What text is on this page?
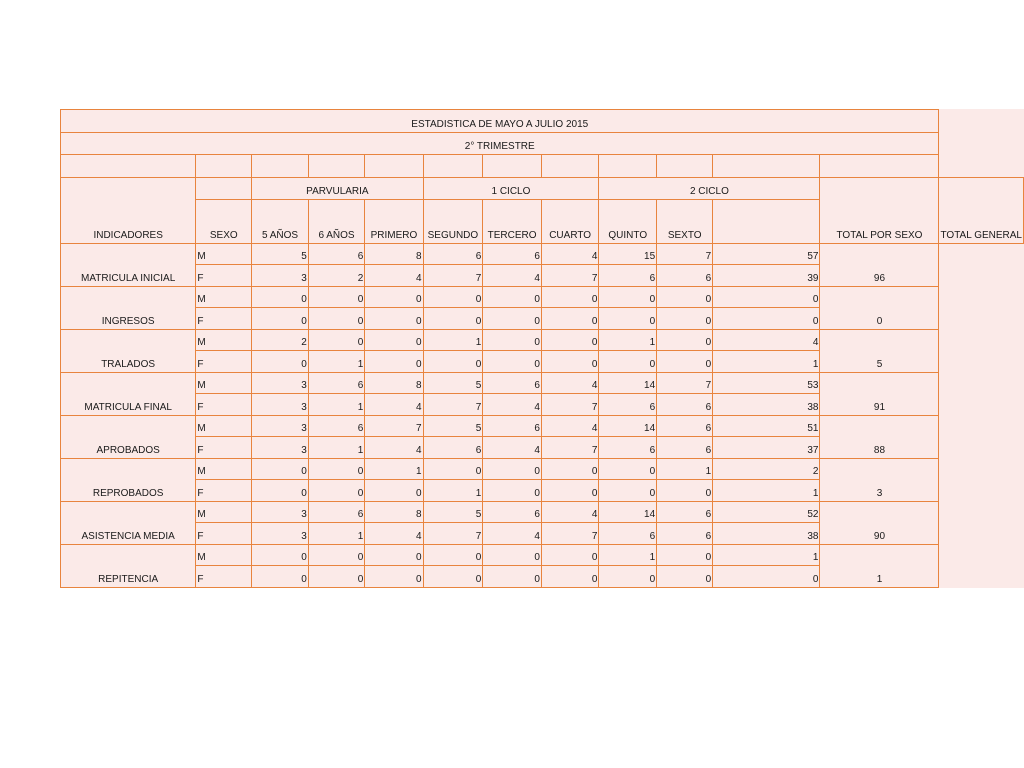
ESTADISTICA DE MAYO A JULIO 2015												
2° TRIMESTRE												

INDICADORES		PARVULARIA			1 CICLO			2 CICLO			TOTAL POR SEXO	TOTAL GENERAL
	SEXO	5 AÑOS	6 AÑOS	PRIMERO	SEGUNDO	TERCERO	CUARTO	QUINTO	SEXTO			
MATRICULA INICIAL	M	5	6	8	6	6	4	15	7	57	96	
	F	3	2	4	7	4	7	6	6	39		
INGRESOS	M	0	0	0	0	0	0	0	0	0	0	
	F	0	0	0	0	0	0	0	0	0		
TRALADOS	M	2	0	0	1	0	0	1	0	4	5	
	F	0	1	0	0	0	0	0	0	1		
MATRICULA FINAL	M	3	6	8	5	6	4	14	7	53	91	
	F	3	1	4	7	4	7	6	6	38		
APROBADOS	M	3	6	7	5	6	4	14	6	51	88	
	F	3	1	4	6	4	7	6	6	37		
REPROBADOS	M	0	0	1	0	0	0	0	1	2	3	
	F	0	0	0	1	0	0	0	0	1		
ASISTENCIA MEDIA	M	3	6	8	5	6	4	14	6	52	90	
	F	3	1	4	7	4	7	6	6	38		
REPITENCIA	M	0	0	0	0	0	0	1	0	1	1	
	F	0	0	0	0	0	0	0	0	0		
